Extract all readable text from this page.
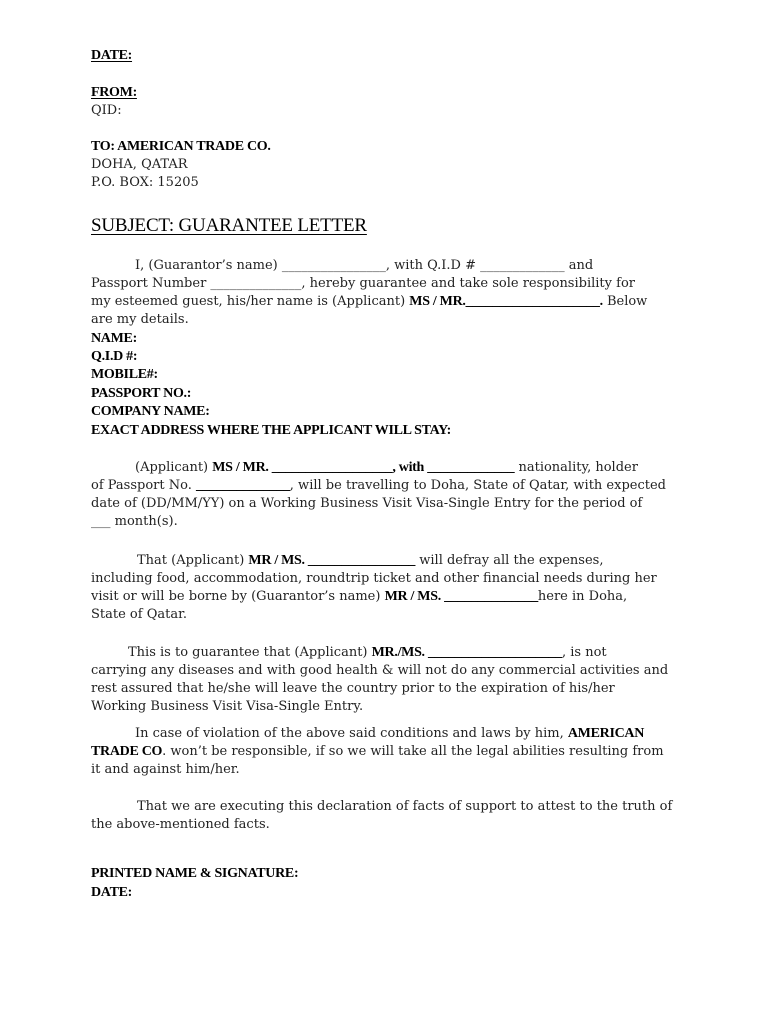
DATE:
FROM:
QID:
TO: AMERICAN TRADE CO.
DOHA, QATAR
P.O. BOX: 15205
SUBJECT: GUARANTEE LETTER
I, (Guarantor’s name) ________________, with Q.I.D # _____________ and
Passport Number ______________, hereby guarantee and take sole responsibility for
my esteemed guest, his/her name is (Applicant) MS / MR.____________________. Below
are my details.
NAME:
Q.I.D #:
MOBILE#:
PASSPORT NO.:
COMPANY NAME:
EXACT ADDRESS WHERE THE APPLICANT WILL STAY:
(Applicant) MS / MR. __________________, with _____________ nationality, holder
of Passport No. ______________, will be travelling to Doha, State of Qatar, with expected
date of (DD/MM/YY) on a Working Business Visit Visa-Single Entry for the period of
___ month(s).
That (Applicant) MR / MS. ________________ will defray all the expenses,
including food, accommodation, roundtrip ticket and other financial needs during her
visit or will be borne by (Guarantor’s name) MR / MS. ______________here in Doha,
State of Qatar.
This is to guarantee that (Applicant) MR./MS. ____________________, is not
carrying any diseases and with good health & will not do any commercial activities and
rest assured that he/she will leave the country prior to the expiration of his/her
Working Business Visit Visa-Single Entry.
In case of violation of the above said conditions and laws by him, AMERICAN
TRADE CO. won’t be responsible, if so we will take all the legal abilities resulting from
it and against him/her.
That we are executing this declaration of facts of support to attest to the truth of
the above-mentioned facts.
PRINTED NAME & SIGNATURE:
DATE:
